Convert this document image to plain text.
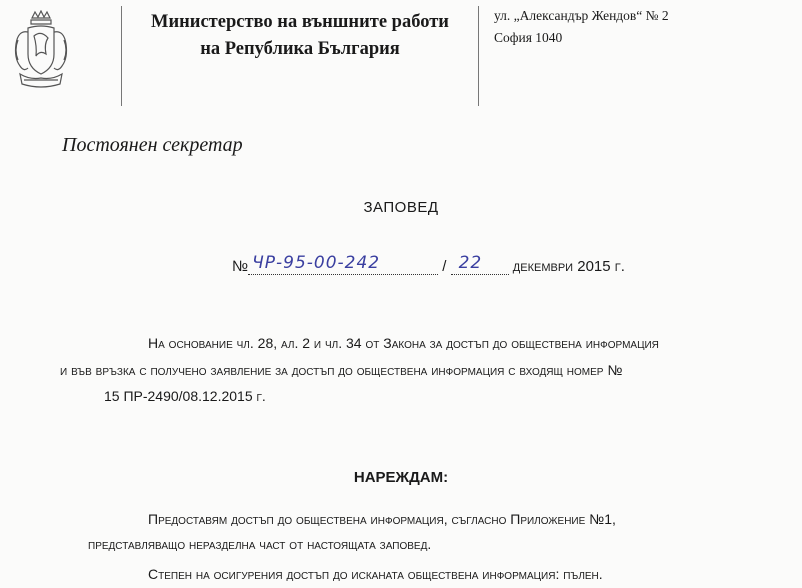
Министерство на външните работи
на Република България
ул. „Александър Жендов“ № 2
София 1040
Постоянен секретар
ЗАПОВЕД
№ ЧР-95-00-242	/ 22 декември 2015 г.
На основание чл. 28, ал. 2 и чл. 34 от Закона за достъп до обществена информация
и във връзка с получено заявление за достъп до обществена информация с входящ номер №
15 ПР-2490/08.12.2015 г.
НАРЕЖДАМ:
Предоставям достъп до обществена информация, съгласно Приложение №1,
представляващо неразделна част от настоящата заповед.
Степен на осигурения достъп до исканата обществена информация: пълен.
